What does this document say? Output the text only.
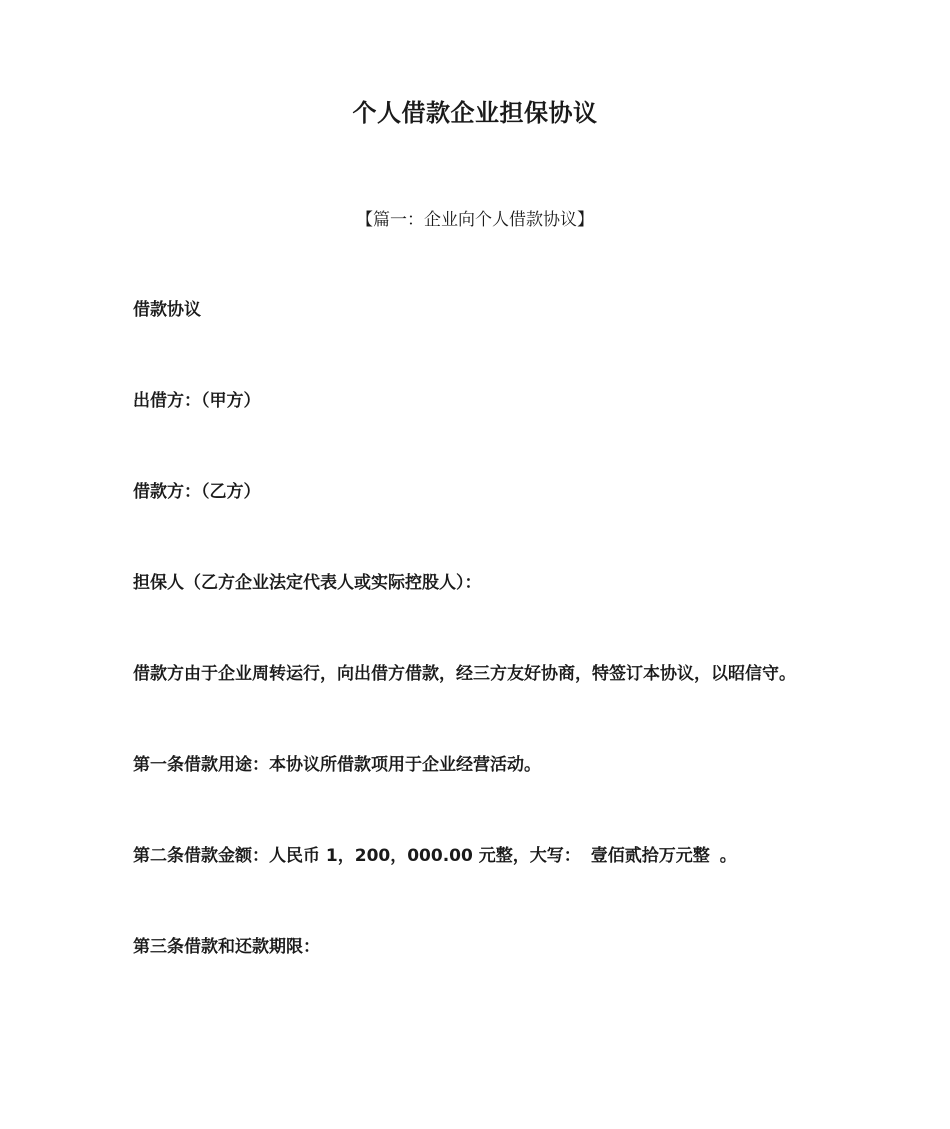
个人借款企业担保协议
【篇一：企业向个人借款协议】
借款协议
出借方：（甲方）
借款方：（乙方）
担保人（乙方企业法定代表人或实际控股人）：
借款方由于企业周转运行，向出借方借款，经三方友好协商，特签订本协议，以昭信守。
第一条借款用途：本协议所借款项用于企业经营活动。
第二条借款金额：人民币 1，200，000.00 元整，大写： 壹佰贰拾万元整 。
第三条借款和还款期限：
